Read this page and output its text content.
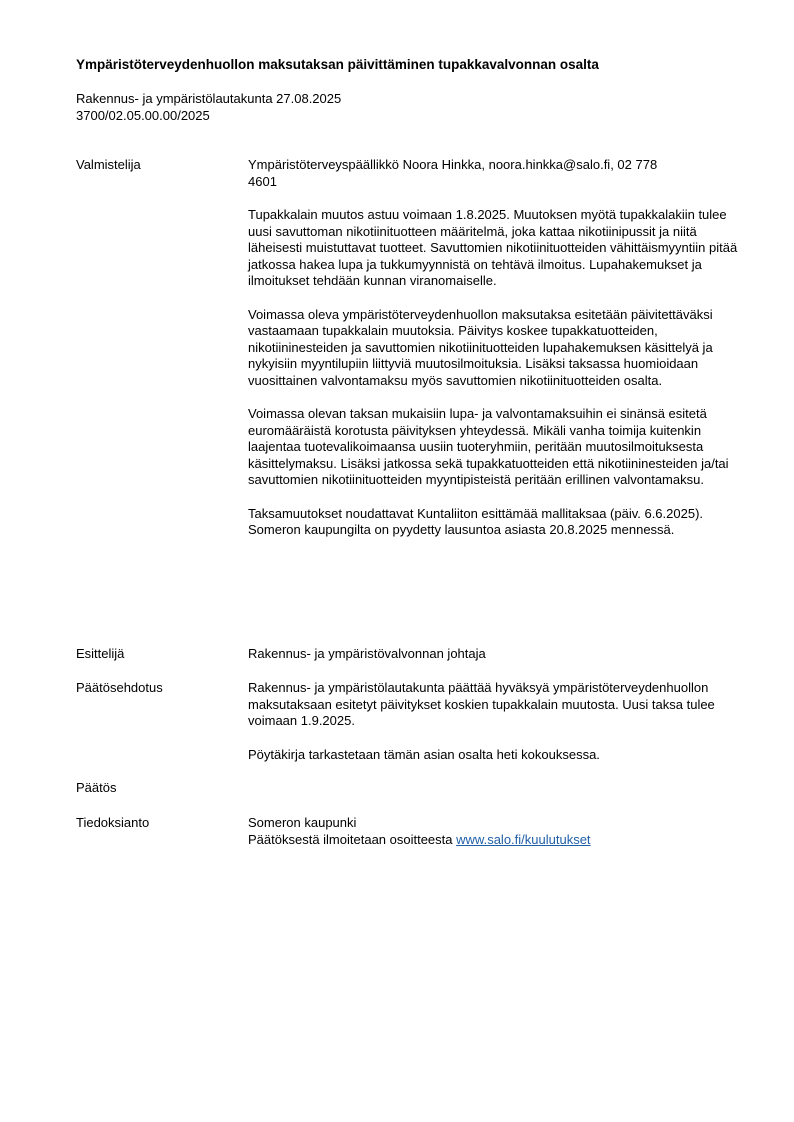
Ympäristöterveydenhuollon maksutaksan päivittäminen tupakkavalvonnan osalta
Rakennus- ja ympäristölautakunta 27.08.2025
3700/02.05.00.00/2025
Valmistelija	Ympäristöterveyspäällikkö Noora Hinkka, noora.hinkka@salo.fi, 02 778
4601

Tupakkalain muutos astuu voimaan 1.8.2025. Muutoksen myötä tupakkalakiin tulee uusi savuttoman nikotiinituotteen määritelmä, joka kattaa nikotiinipussit ja niitä läheisesti muistuttavat tuotteet. Savuttomien nikotiinituotteiden vähittäismyyntiin pitää jatkossa hakea lupa ja tukkumyynnistä on tehtävä ilmoitus. Lupahakemukset ja ilmoitukset tehdään kunnan viranomaiselle.

Voimassa oleva ympäristöterveydenhuollon maksutaksa esitetään päivitettäväksi vastaamaan tupakkalain muutoksia. Päivitys koskee tupakkatuotteiden, nikotiininesteiden ja savuttomien nikotiinituotteiden lupahakemuksen käsittelyä ja nykyisiin myyntilupiin liittyviä muutosilmoituksia. Lisäksi taksassa huomioidaan vuosittainen valvontamaksu myös savuttomien nikotiinituotteiden osalta.

Voimassa olevan taksan mukaisiin lupa- ja valvontamaksuihin ei sinänsä esitetä euromääräistä korotusta päivityksen yhteydessä. Mikäli vanha toimija kuitenkin laajentaa tuotevalikoimaansa uusiin tuoteryhmiin, peritään muutosilmoituksesta käsittelymaksu. Lisäksi jatkossa sekä tupakkatuotteiden että nikotiininesteiden ja/tai savuttomien nikotiinituotteiden myyntipisteistä peritään erillinen valvontamaksu.

Taksamuutokset noudattavat Kuntaliiton esittämää mallitaksaa (päiv. 6.6.2025). Someron kaupungilta on pyydetty lausuntoa asiasta 20.8.2025 mennessä.

Esittelijä	Rakennus- ja ympäristövalvonnan johtaja
Päätösehdotus	Rakennus- ja ympäristölautakunta päättää hyväksyä ympäristöterveydenhuollon maksutaksaan esitetyt päivitykset koskien tupakkalain muutosta. Uusi taksa tulee voimaan 1.9.2025.

Pöytäkirja tarkastetaan tämän asian osalta heti kokouksessa.

Päätös
Tiedoksianto	Someron kaupunki
Päätöksestä ilmoitetaan osoitteesta www.salo.fi/kuulutukset
